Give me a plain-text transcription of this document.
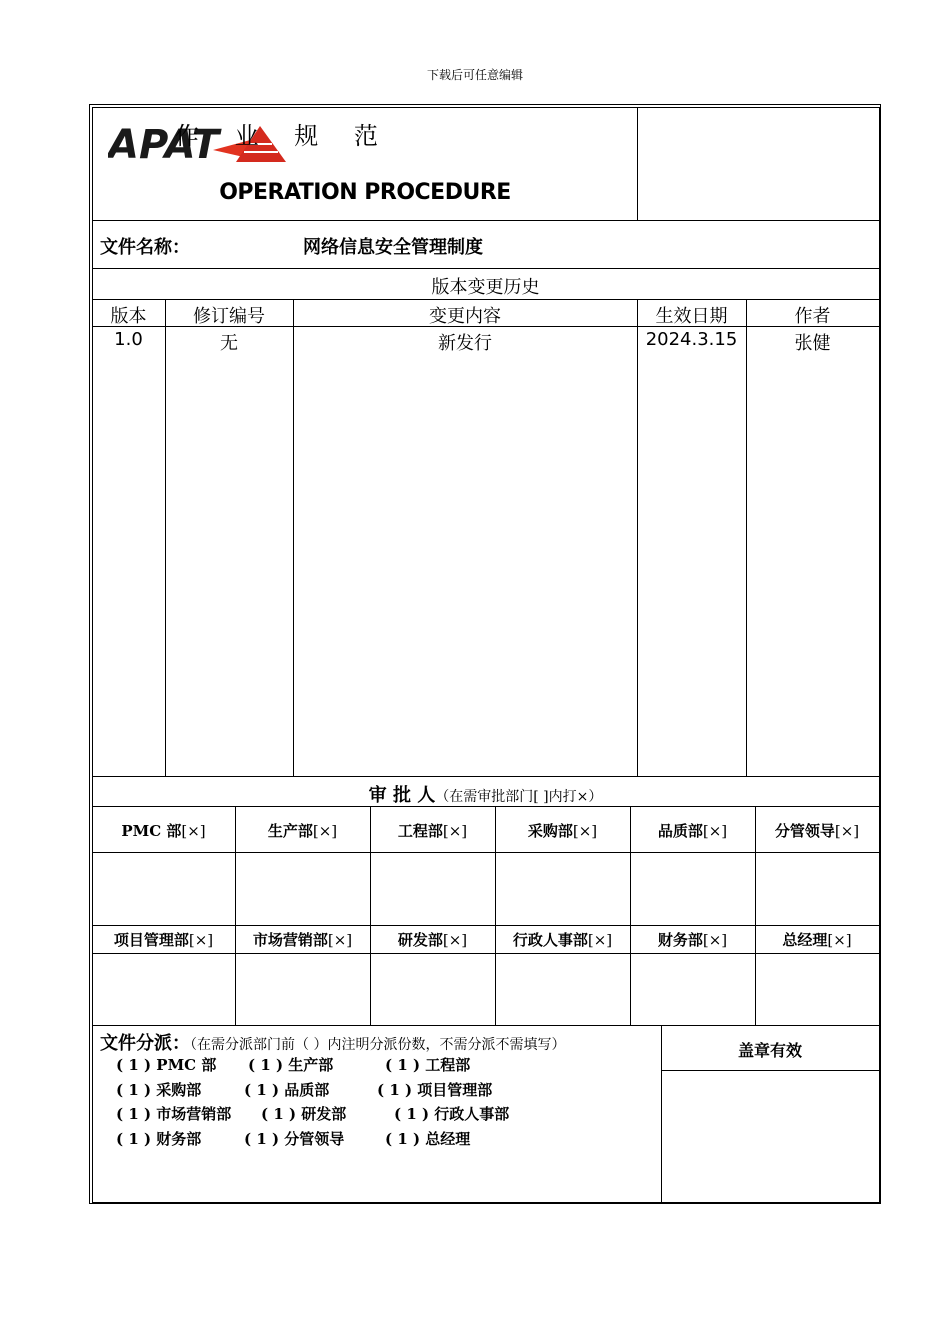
下载后可任意编辑
APAT
作 业 规 范
OPERATION PROCEDURE
文件名称：	网络信息安全管理制度
版本变更历史
版本	修订编号	变更内容	生效日期	作者
1.0	无	新发行	2024.3.15	张健
审 批 人（在需审批部门[ ]内打×）
PMC 部[×]	生产部[×]	工程部[×]	采购部[×]	品质部[×]	分管领导[×]
项目管理部[×]	市场营销部[×]	研发部[×]	行政人事部[×]	财务部[×]	总经理[×]
文件分派：（在需分派部门前（ ）内注明分派份数，不需分派不需填写）
( 1 ) PMC 部 ( 1 ) 生产部	( 1 ) 工程部
( 1 ) 采购部	( 1 ) 品质部	( 1 ) 项目管理部
( 1 ) 市场营销部 ( 1 ) 研发部	( 1 ) 行政人事部
( 1 ) 财务部	( 1 ) 分管领导	( 1 ) 总经理
盖章有效
